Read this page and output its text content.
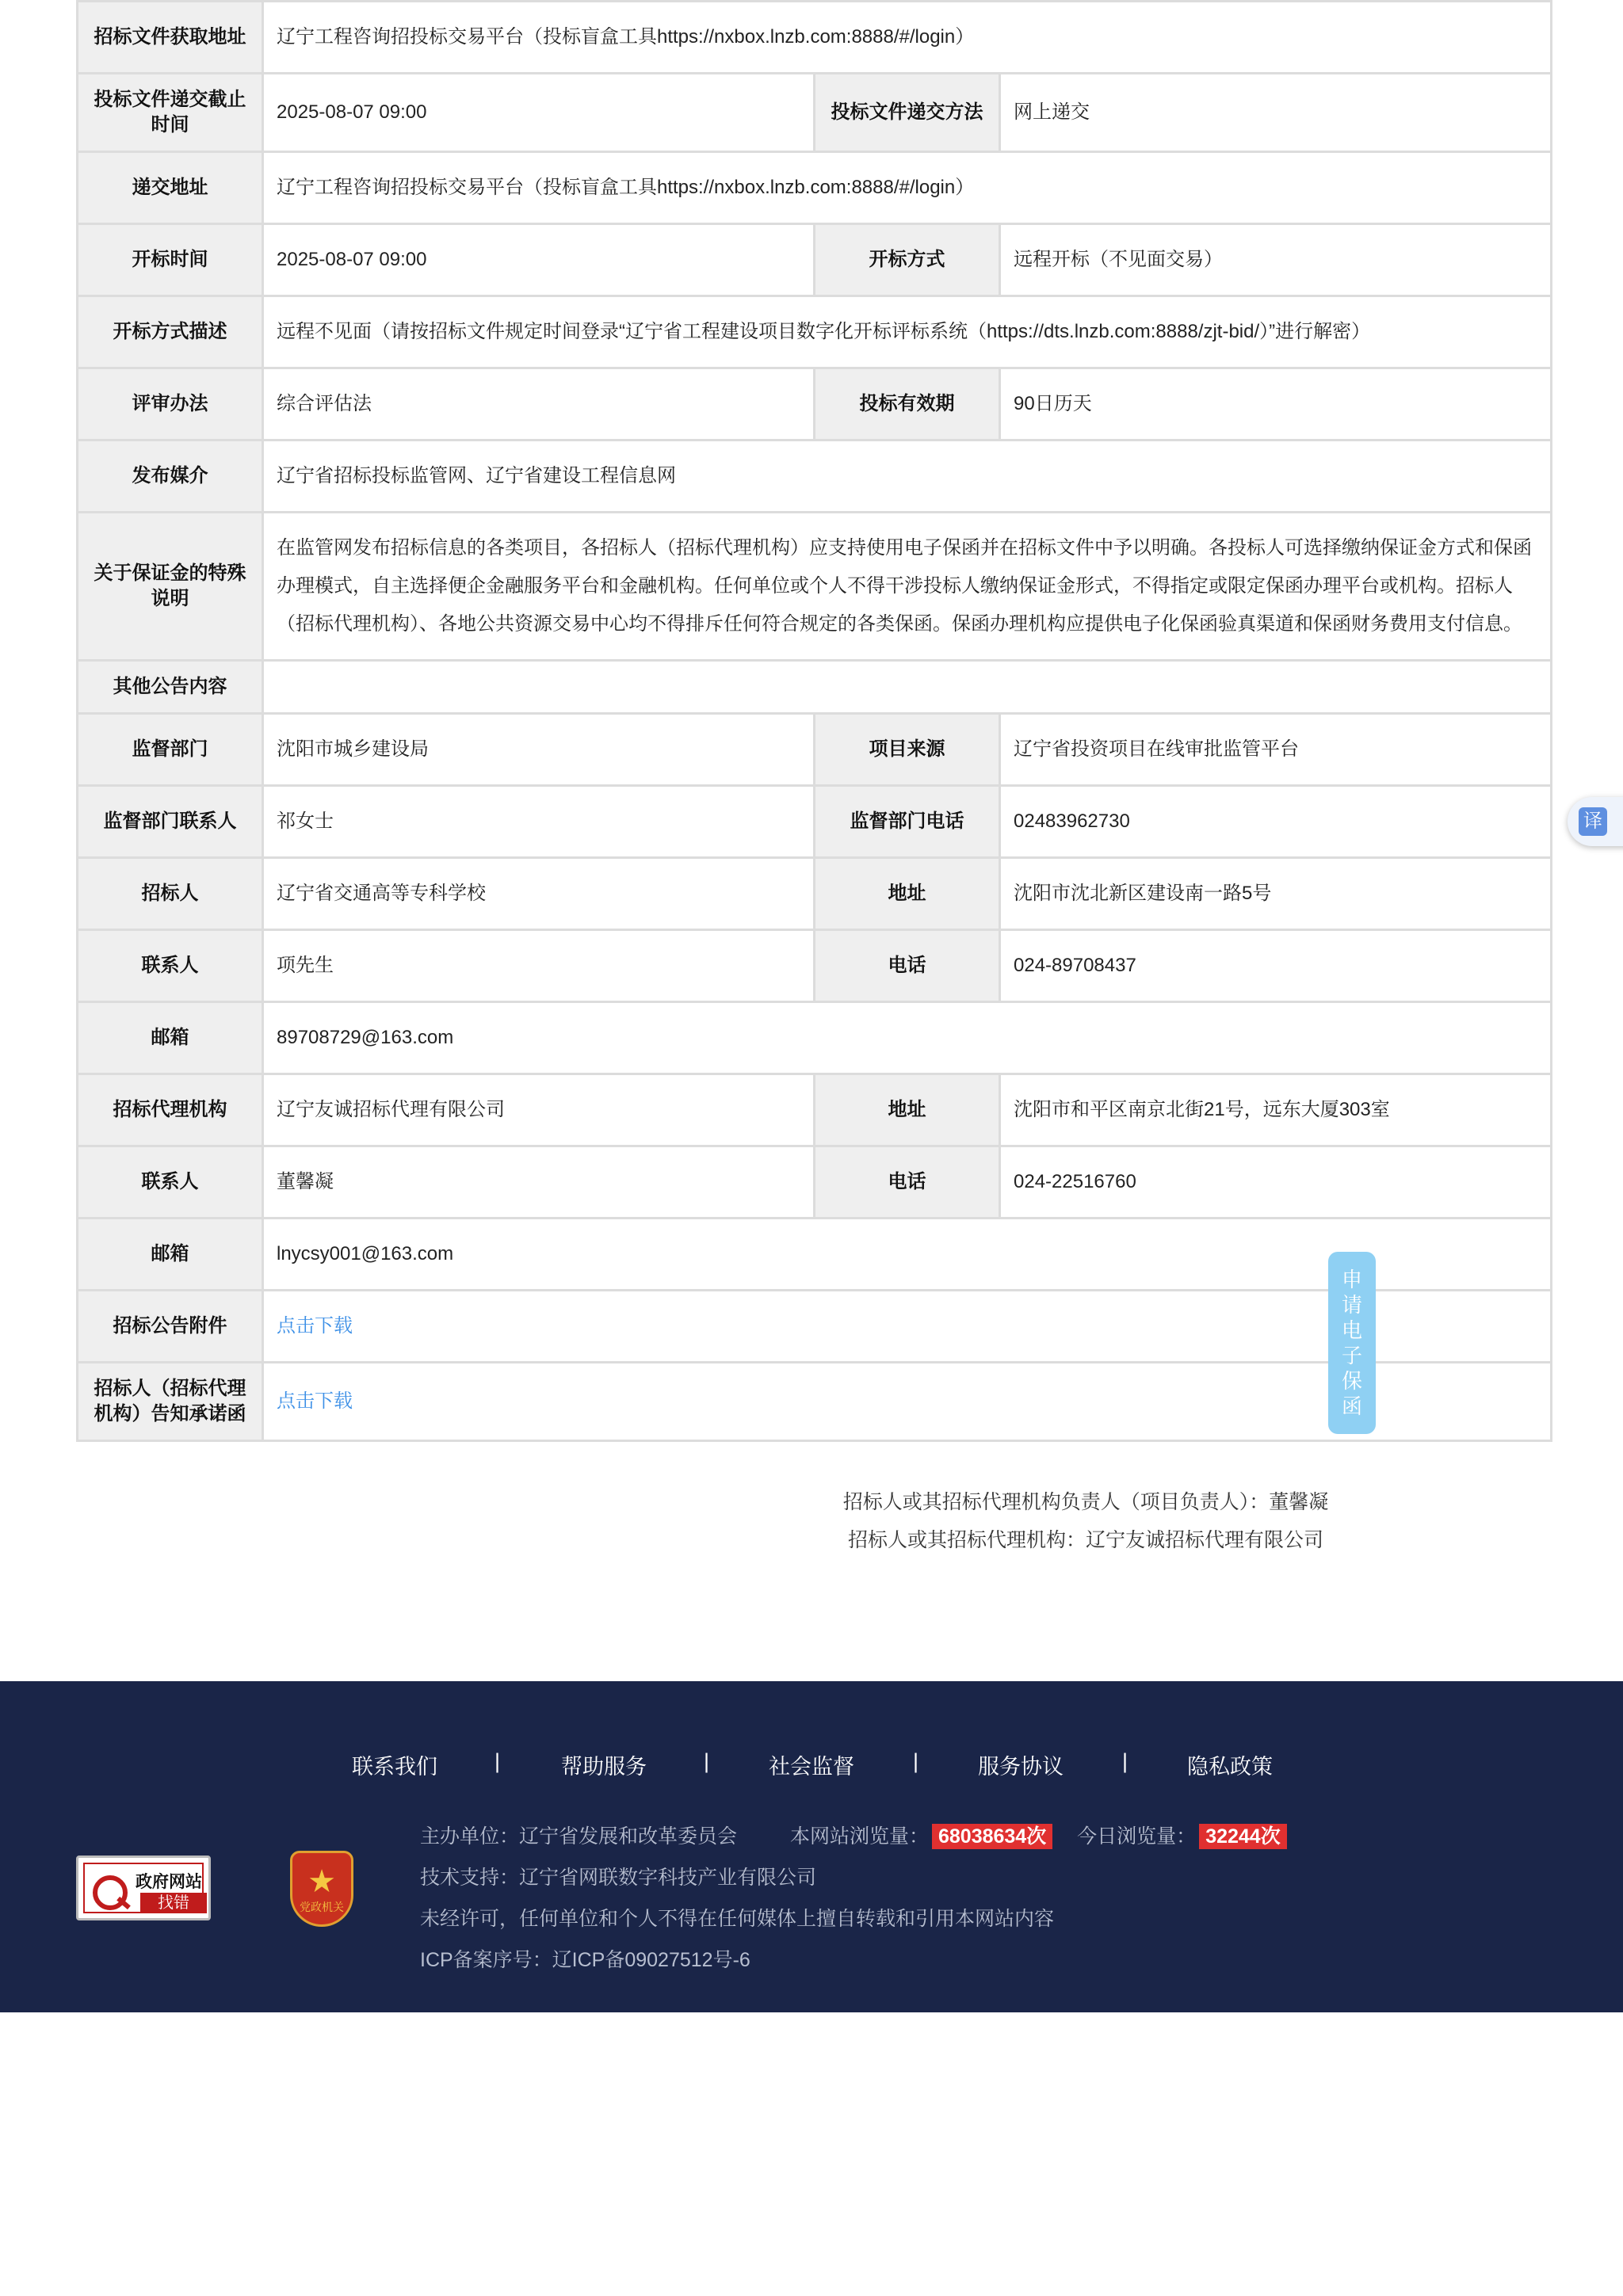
招标文件获取地址	辽宁工程咨询招投标交易平台（投标盲盒工具https://nxbox.lnzb.com:8888/#/login）		
投标文件递交截止时间	2025-08-07 09:00	投标文件递交方法	网上递交
递交地址	辽宁工程咨询招投标交易平台（投标盲盒工具https://nxbox.lnzb.com:8888/#/login）		
开标时间	2025-08-07 09:00	开标方式	远程开标（不见面交易）
开标方式描述	远程不见面（请按招标文件规定时间登录“辽宁省工程建设项目数字化开标评标系统（https://dts.lnzb.com:8888/zjt-bid/）”进行解密）		
评审办法	综合评估法	投标有效期	90日历天
发布媒介	辽宁省招标投标监管网、辽宁省建设工程信息网		
关于保证金的特殊说明	在监管网发布招标信息的各类项目，各招标人（招标代理机构）应支持使用电子保函并在招标文件中予以明确。各投标人可选择缴纳保证金方式和保函办理模式，自主选择便企金融服务平台和金融机构。任何单位或个人不得干涉投标人缴纳保证金形式，不得指定或限定保函办理平台或机构。招标人（招标代理机构）、各地公共资源交易中心均不得排斥任何符合规定的各类保函。保函办理机构应提供电子化保函验真渠道和保函财务费用支付信息。		
其他公告内容			
监督部门	沈阳市城乡建设局	项目来源	辽宁省投资项目在线审批监管平台
监督部门联系人	祁女士	监督部门电话	02483962730
招标人	辽宁省交通高等专科学校	地址	沈阳市沈北新区建设南一路5号
联系人	项先生	电话	024-89708437
邮箱	89708729@163.com		
招标代理机构	辽宁友诚招标代理有限公司	地址	沈阳市和平区南京北街21号，远东大厦303室
联系人	董馨凝	电话	024-22516760
邮箱	lnycsy001@163.com		
招标公告附件	点击下载		
招标人（招标代理机构）告知承诺函	点击下载		
申
请
电
子
保
函
译
招标人或其招标代理机构负责人（项目负责人）：董馨凝
招标人或其招标代理机构：辽宁友诚招标代理有限公司
联系我们	|	帮助服务	|	社会监督	|	服务协议	|	隐私政策
政府网站
找错
★
党政机关
主办单位：辽宁省发展和改革委员会	本网站浏览量： 68038634次 今日浏览量： 32244次
技术支持：辽宁省网联数字科技产业有限公司
未经许可，任何单位和个人不得在任何媒体上擅自转载和引用本网站内容
ICP备案序号：辽ICP备09027512号-6
